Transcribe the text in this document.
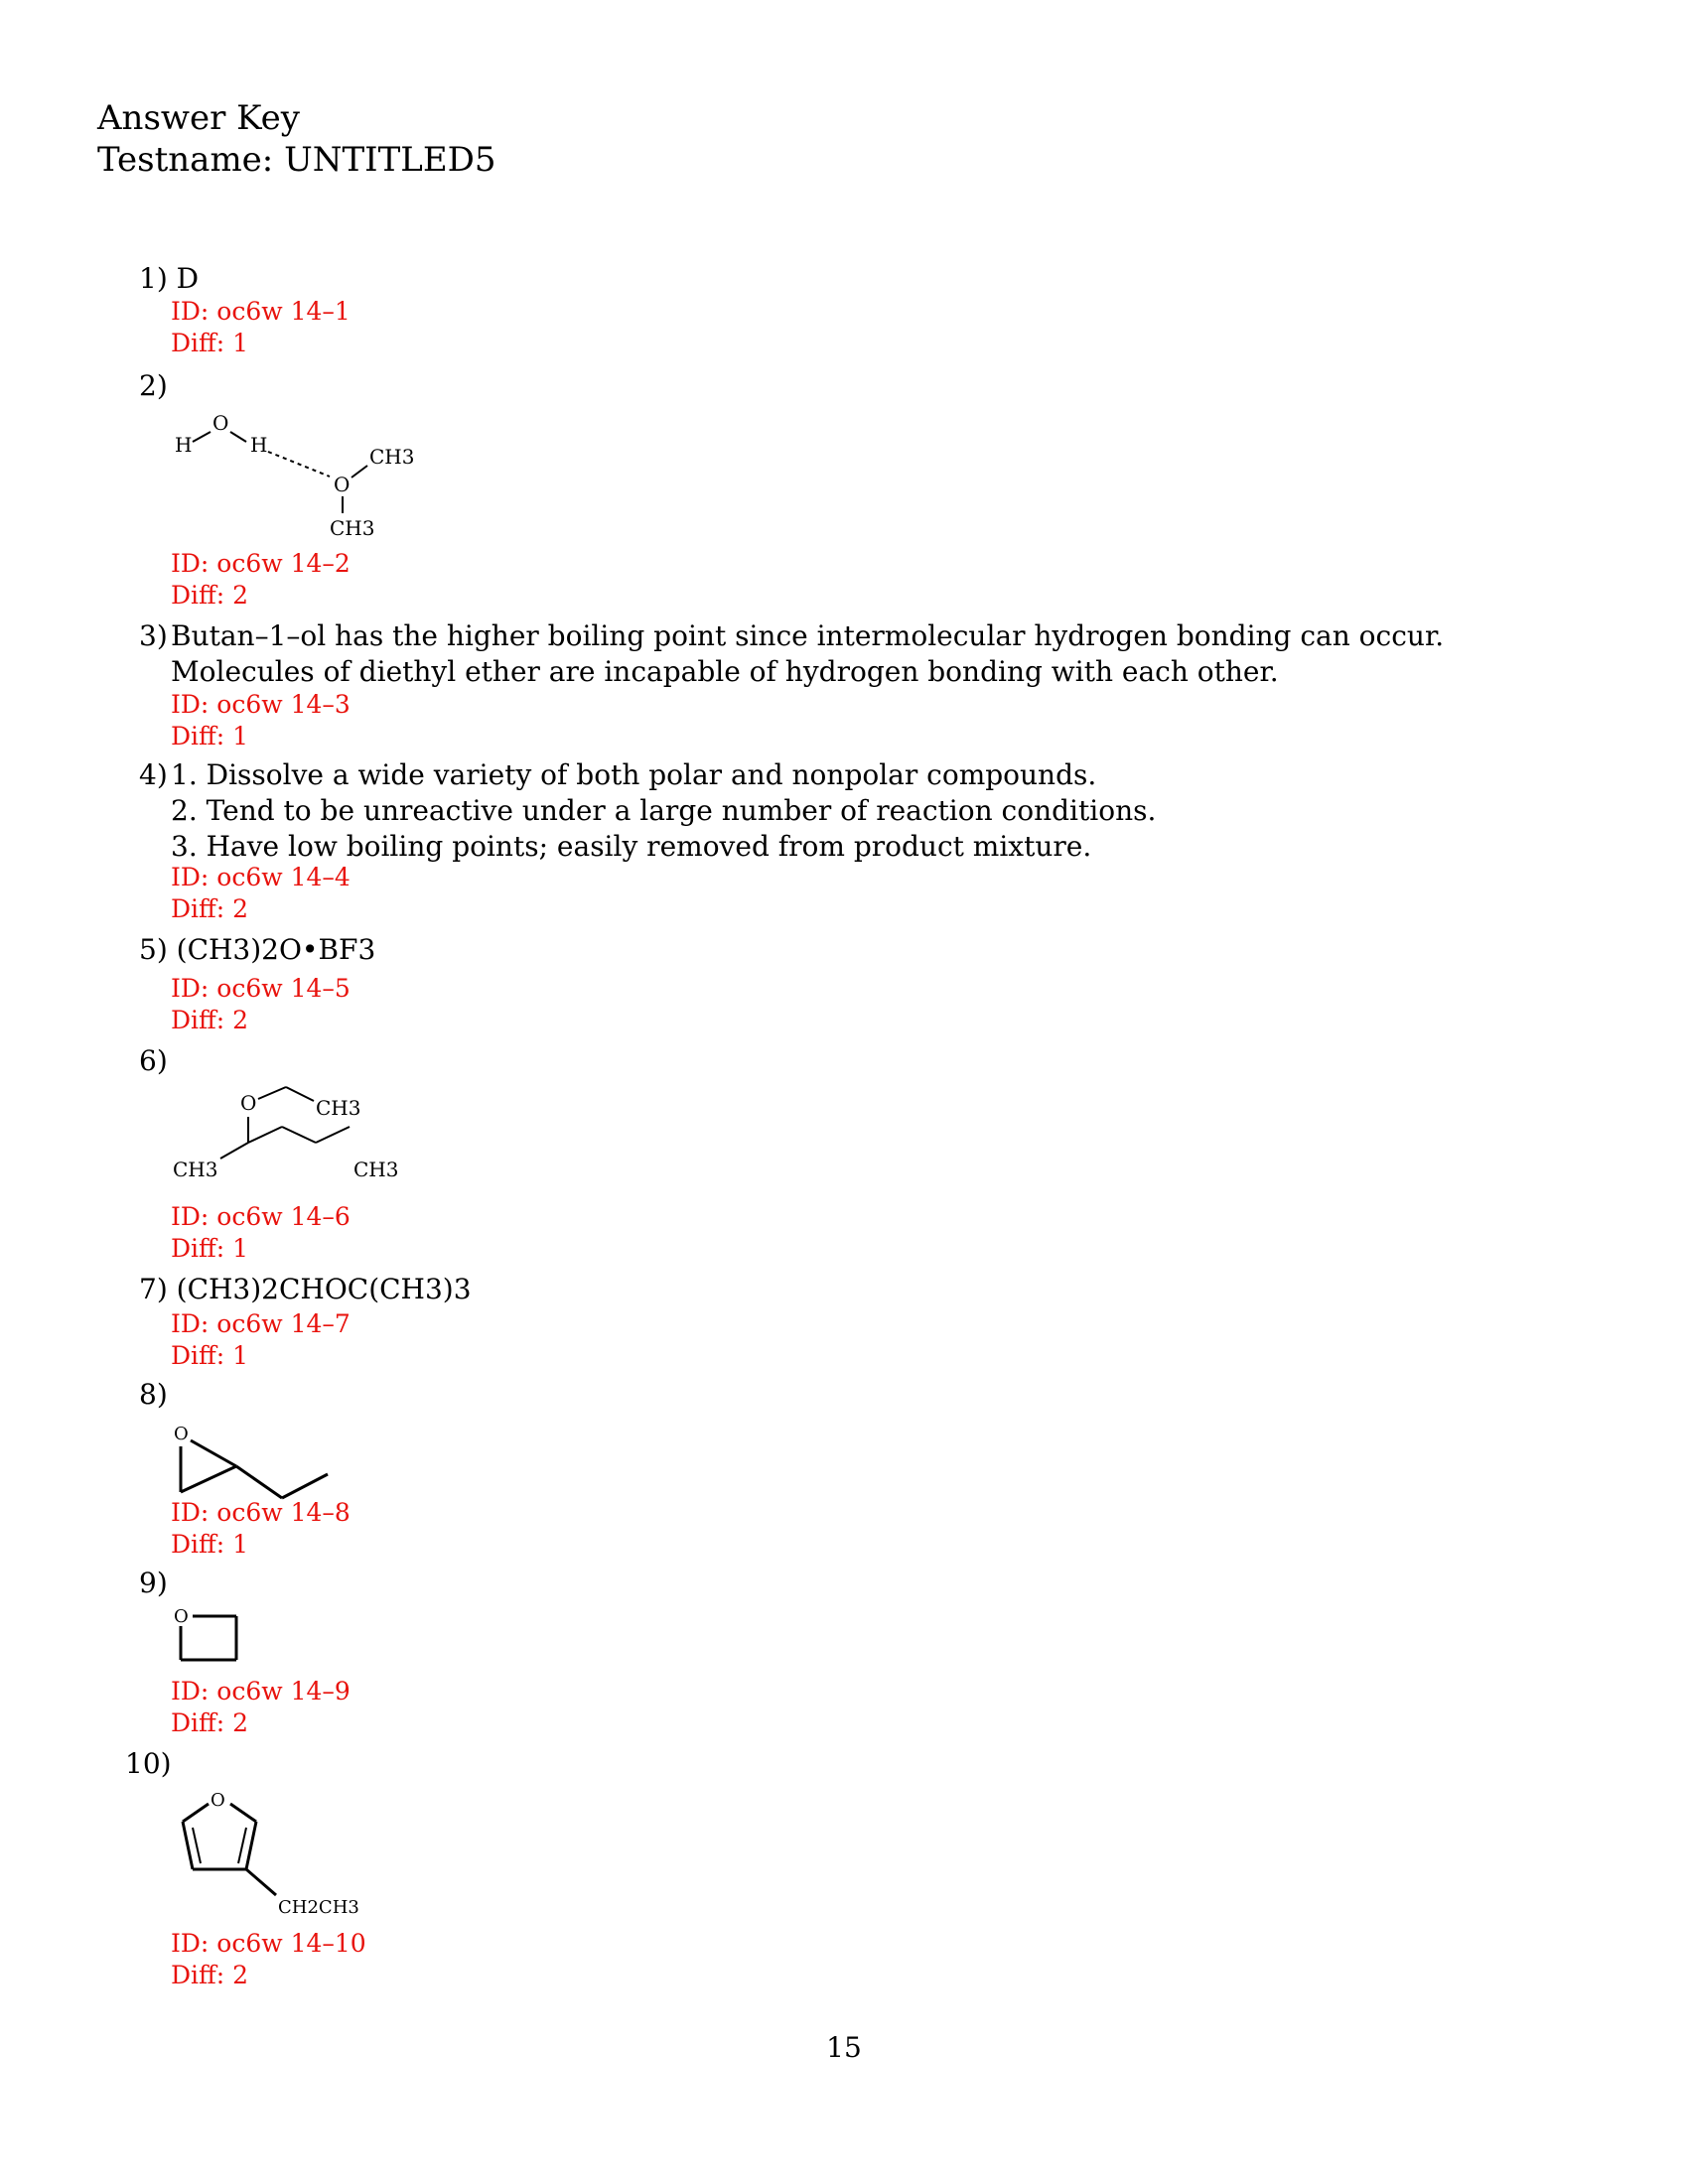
Answer Key
Testname: UNTITLED5
1) D
ID: oc6w 14–1
Diff: 1
2)
H
O
H
O
CH3
CH3
ID: oc6w 14–2
Diff: 2
3) Butan–1–ol has the higher boiling point since intermolecular hydrogen bonding can occur. Molecules of diethyl ether are incapable of hydrogen bonding with each other.
ID: oc6w 14–3
Diff: 1
4) 1. Dissolve a wide variety of both polar and nonpolar compounds.
2. Tend to be unreactive under a large number of reaction conditions.
3. Have low boiling points; easily removed from product mixture.
ID: oc6w 14–4
Diff: 2
5) (CH3)2O•BF3
ID: oc6w 14–5
Diff: 2
6)
O	CH3
CH3	CH3
ID: oc6w 14–6
Diff: 1
7) (CH3)2CHOC(CH3)3
ID: oc6w 14–7
Diff: 1
8)
O
ID: oc6w 14–8
Diff: 1
9)
O
ID: oc6w 14–9
Diff: 2
10)
O
CH2CH3
ID: oc6w 14–10
Diff: 2
15
